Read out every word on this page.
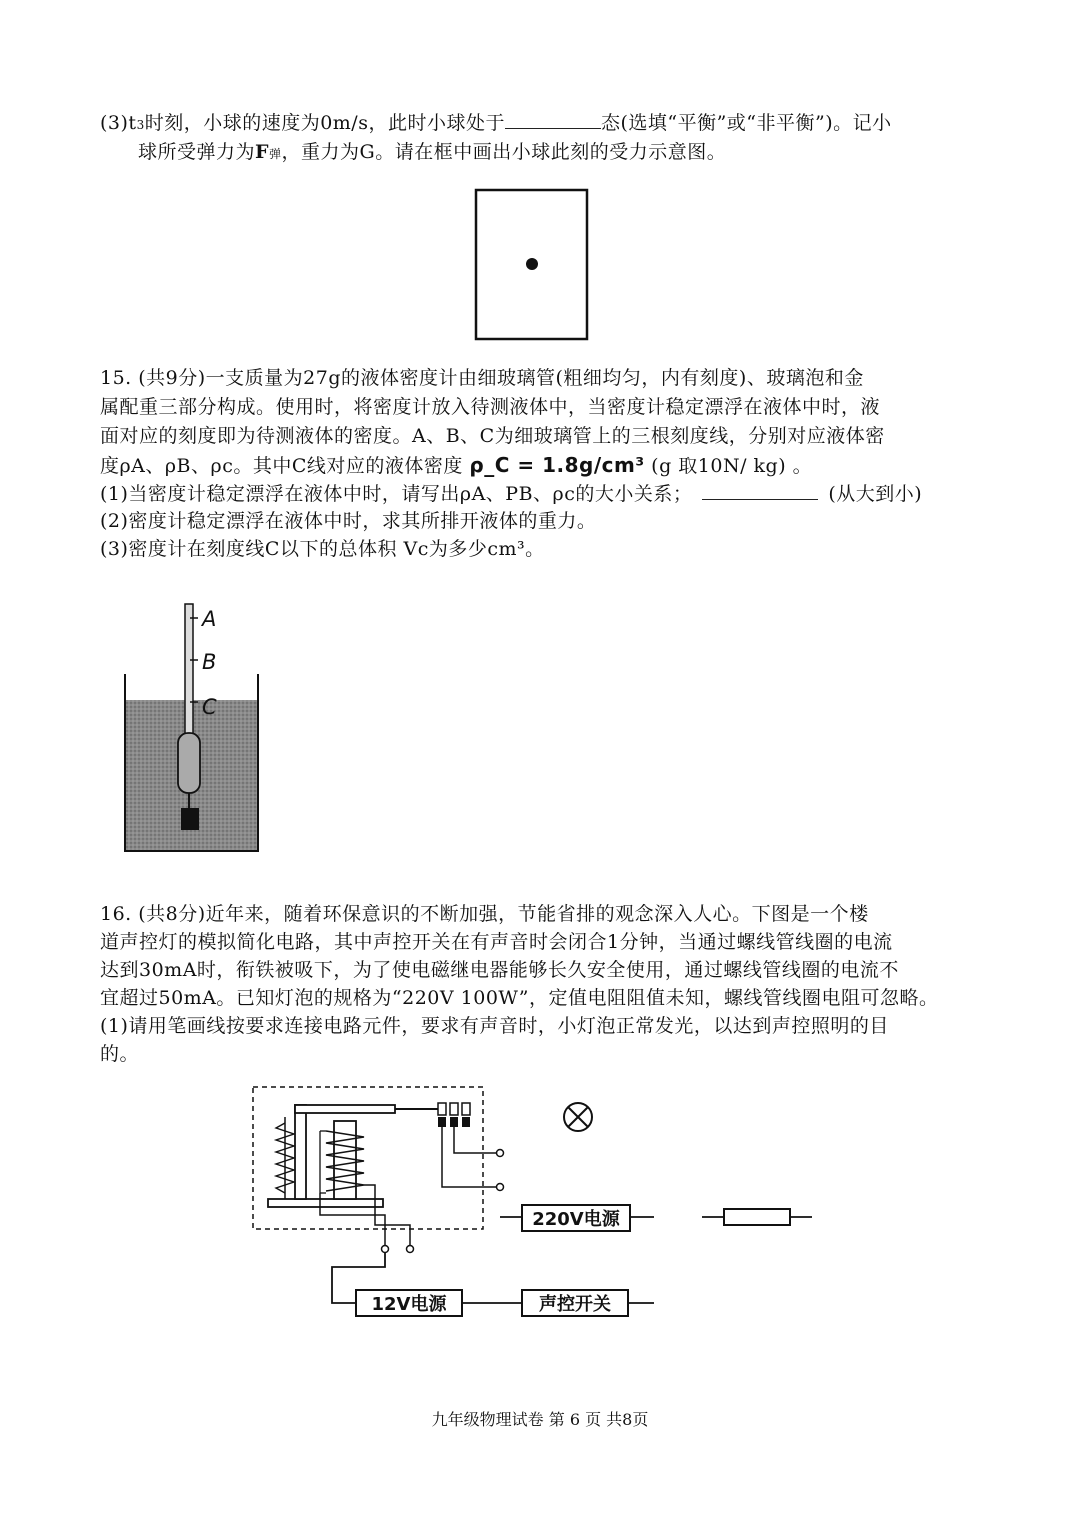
(3)t3时刻，小球的速度为0m/s，此时小球处于	态(选填“平衡”或“非平衡”)。记小
球所受弹力为F弹，重力为G。请在框中画出小球此刻的受力示意图。
15. (共9分)一支质量为27g的液体密度计由细玻璃管(粗细均匀，内有刻度)、玻璃泡和金
属配重三部分构成。使用时，将密度计放入待测液体中，当密度计稳定漂浮在液体中时，液
面对应的刻度即为待测液体的密度。A、B、C为细玻璃管上的三根刻度线，分别对应液体密
度ρA、ρB、ρc。其中C线对应的液体密度 ρ_C = 1.8g/cm³ (g 取10N/ kg) 。
(1)当密度计稳定漂浮在液体中时，请写出ρA、PB、ρc的大小关系；	(从大到小)
(2)密度计稳定漂浮在液体中时，求其所排开液体的重力。
(3)密度计在刻度线C以下的总体积 Vc为多少cm³。
A
B
C
16. (共8分)近年来，随着环保意识的不断加强，节能省排的观念深入人心。下图是一个楼
道声控灯的模拟简化电路，其中声控开关在有声音时会闭合1分钟，当通过螺线管线圈的电流
达到30mA时，衔铁被吸下，为了使电磁继电器能够长久安全使用，通过螺线管线圈的电流不
宜超过50mA。已知灯泡的规格为“220V 100W”，定值电阻阻值未知，螺线管线圈电阻可忽略。
(1)请用笔画线按要求连接电路元件，要求有声音时，小灯泡正常发光，以达到声控照明的目
的。
220V电源
12V电源	声控开关
九年级物理试卷 第 6 页 共8页
